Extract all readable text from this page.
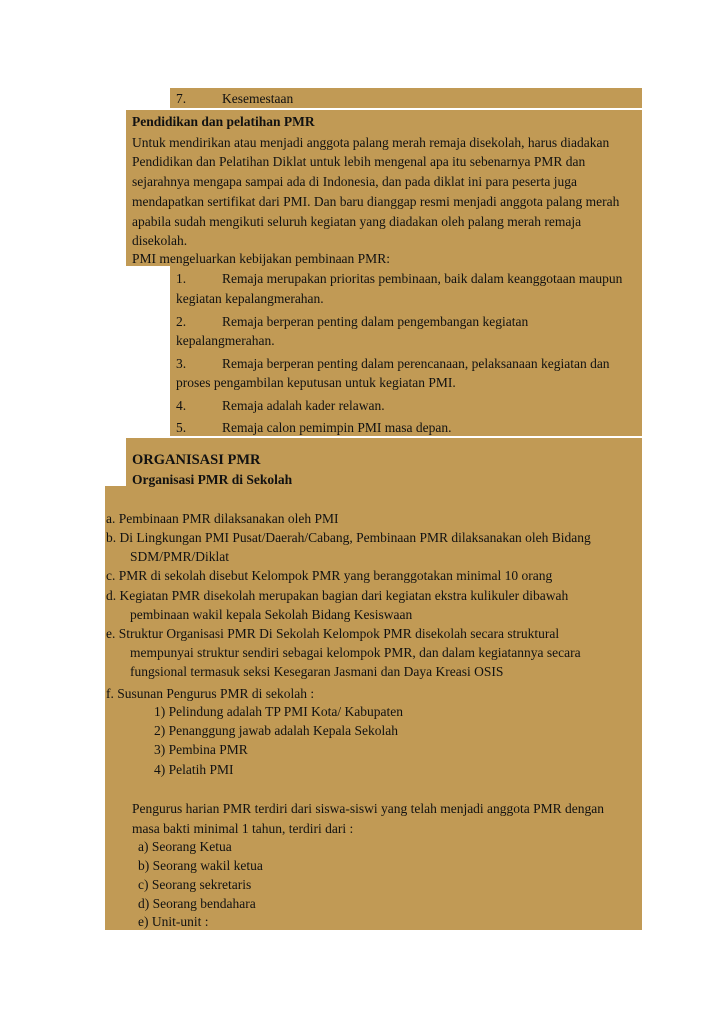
7.	Kesemestaan
Pendidikan dan pelatihan PMR
Untuk mendirikan atau menjadi anggota palang merah remaja disekolah, harus diadakan
Pendidikan dan Pelatihan Diklat untuk lebih mengenal apa itu sebenarnya PMR dan
sejarahnya mengapa sampai ada di Indonesia, dan pada diklat ini para peserta juga
mendapatkan sertifikat dari PMI. Dan baru dianggap resmi menjadi anggota palang merah
apabila sudah mengikuti seluruh kegiatan yang diadakan oleh palang merah remaja
disekolah.
PMI mengeluarkan kebijakan pembinaan PMR:
1.	Remaja merupakan prioritas pembinaan, baik dalam keanggotaan maupun
kegiatan kepalangmerahan.
2.	Remaja berperan penting dalam pengembangan kegiatan
kepalangmerahan.
3.	Remaja berperan penting dalam perencanaan, pelaksanaan kegiatan dan
proses pengambilan keputusan untuk kegiatan PMI.
4.	Remaja adalah kader relawan.
5.	Remaja calon pemimpin PMI masa depan.
ORGANISASI PMR
Organisasi PMR di Sekolah
a. Pembinaan PMR dilaksanakan oleh PMI
b. Di Lingkungan PMI Pusat/Daerah/Cabang, Pembinaan PMR dilaksanakan oleh Bidang
SDM/PMR/Diklat
c. PMR di sekolah disebut Kelompok PMR yang beranggotakan minimal 10 orang
d. Kegiatan PMR disekolah merupakan bagian dari kegiatan ekstra kulikuler dibawah
pembinaan wakil kepala Sekolah Bidang Kesiswaan
e. Struktur Organisasi PMR Di Sekolah Kelompok PMR disekolah secara struktural
mempunyai struktur sendiri sebagai kelompok PMR, dan dalam kegiatannya secara
fungsional termasuk seksi Kesegaran Jasmani dan Daya Kreasi OSIS
f. Susunan Pengurus PMR di sekolah :
1) Pelindung adalah TP PMI Kota/ Kabupaten
2) Penanggung jawab adalah Kepala Sekolah
3) Pembina PMR
4) Pelatih PMI
Pengurus harian PMR terdiri dari siswa-siswi yang telah menjadi anggota PMR dengan
masa bakti minimal 1 tahun, terdiri dari :
a) Seorang Ketua
b) Seorang wakil ketua
c) Seorang sekretaris
d) Seorang bendahara
e) Unit-unit :
